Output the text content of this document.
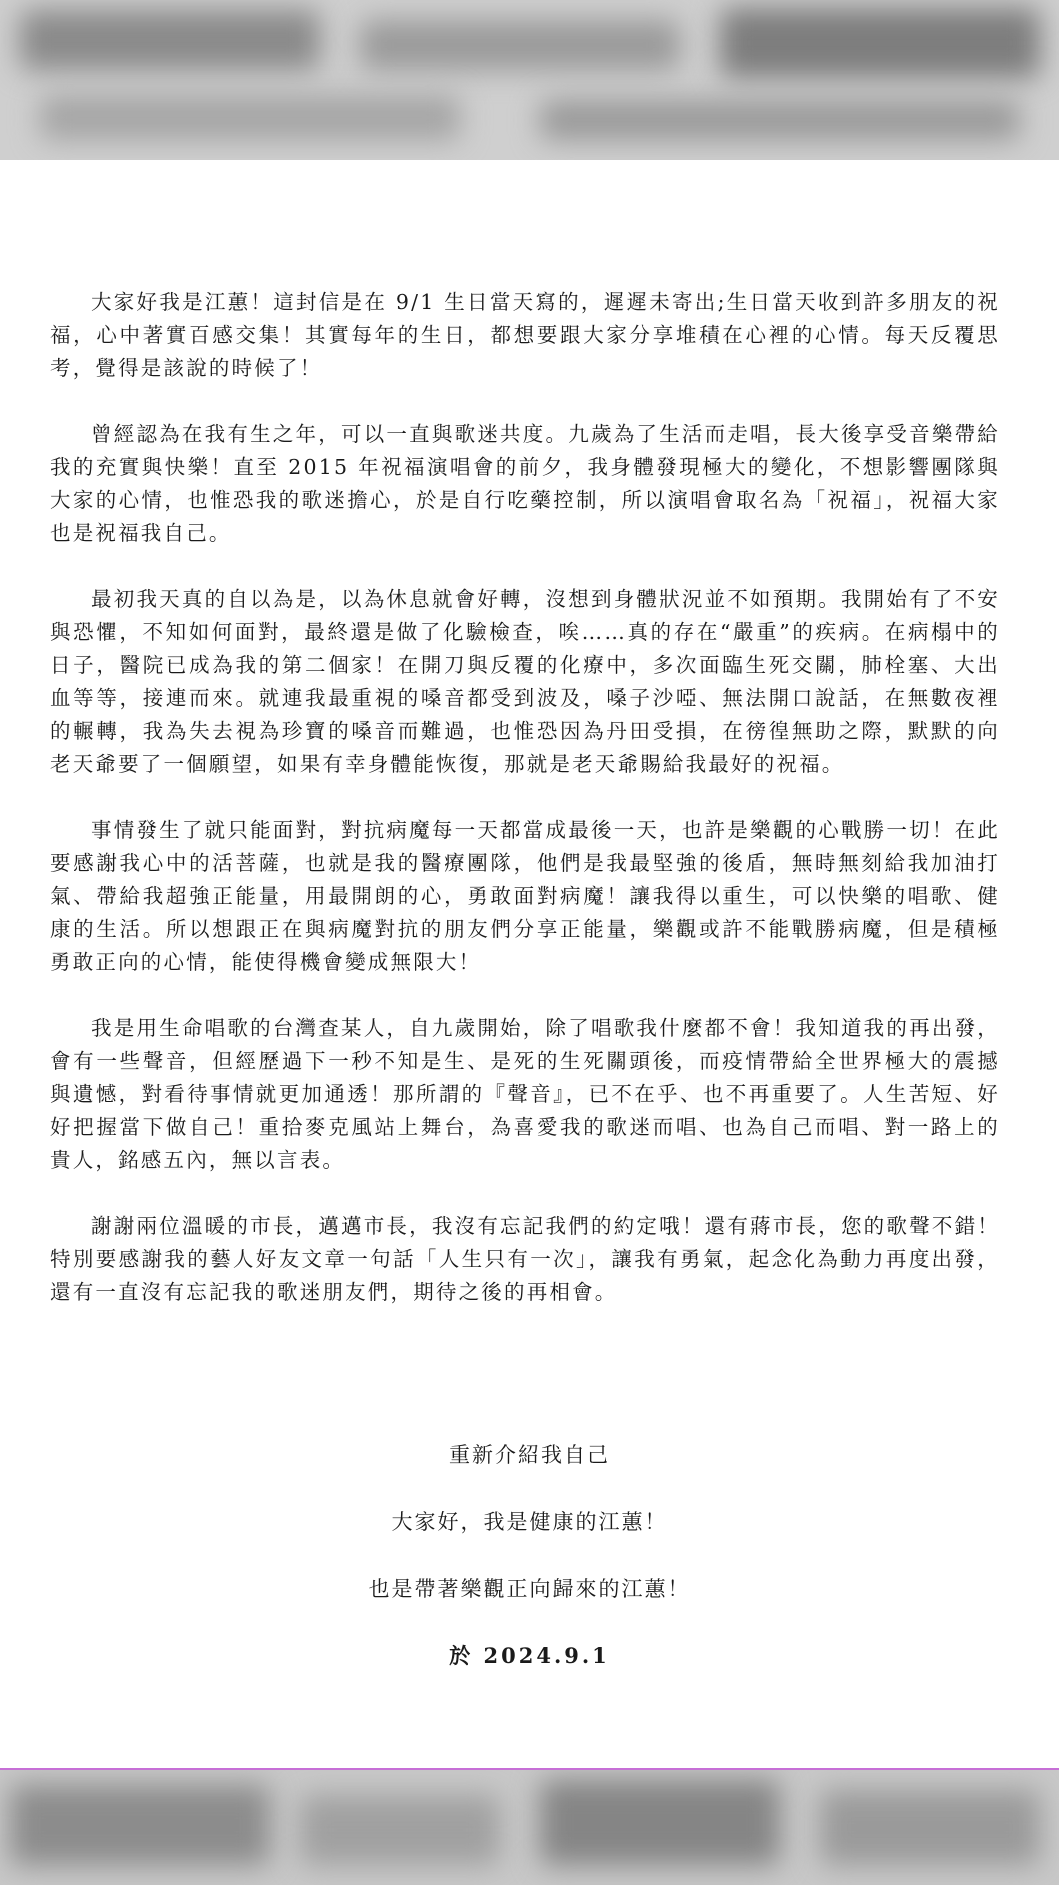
大家好我是江蕙！這封信是在 9/1 生日當天寫的，遲遲未寄出;生日當天收到許多朋友的祝福，心中著實百感交集！其實每年的生日，都想要跟大家分享堆積在心裡的心情。每天反覆思考，覺得是該說的時候了！

曾經認為在我有生之年，可以一直與歌迷共度。九歲為了生活而走唱，長大後享受音樂帶給我的充實與快樂！直至 2015 年祝福演唱會的前夕，我身體發現極大的變化，不想影響團隊與大家的心情，也惟恐我的歌迷擔心，於是自行吃藥控制，所以演唱會取名為「祝福」，祝福大家也是祝福我自己。

最初我天真的自以為是，以為休息就會好轉，沒想到身體狀況並不如預期。我開始有了不安與恐懼，不知如何面對，最終還是做了化驗檢查，唉……真的存在“嚴重”的疾病。在病榻中的日子，醫院已成為我的第二個家！在開刀與反覆的化療中，多次面臨生死交關，肺栓塞、大出血等等，接連而來。就連我最重視的嗓音都受到波及，嗓子沙啞、無法開口說話，在無數夜裡的輾轉，我為失去視為珍寶的嗓音而難過，也惟恐因為丹田受損，在徬徨無助之際，默默的向老天爺要了一個願望，如果有幸身體能恢復，那就是老天爺賜給我最好的祝福。

事情發生了就只能面對，對抗病魔每一天都當成最後一天，也許是樂觀的心戰勝一切！在此要感謝我心中的活菩薩，也就是我的醫療團隊，他們是我最堅強的後盾，無時無刻給我加油打氣、帶給我超強正能量，用最開朗的心，勇敢面對病魔！讓我得以重生，可以快樂的唱歌、健康的生活。所以想跟正在與病魔對抗的朋友們分享正能量，樂觀或許不能戰勝病魔，但是積極勇敢正向的心情，能使得機會變成無限大！

我是用生命唱歌的台灣查某人，自九歲開始，除了唱歌我什麼都不會！我知道我的再出發，會有一些聲音，但經歷過下一秒不知是生、是死的生死關頭後，而疫情帶給全世界極大的震撼與遺憾，對看待事情就更加通透！那所謂的『聲音』，已不在乎、也不再重要了。人生苦短、好好把握當下做自己！重拾麥克風站上舞台，為喜愛我的歌迷而唱、也為自己而唱、對一路上的貴人，銘感五內，無以言表。

謝謝兩位溫暖的市長，邁邁市長，我沒有忘記我們的約定哦！還有蔣市長，您的歌聲不錯！特別要感謝我的藝人好友文章一句話「人生只有一次」，讓我有勇氣，起念化為動力再度出發，還有一直沒有忘記我的歌迷朋友們，期待之後的再相會。

重新介紹我自己
大家好，我是健康的江蕙！
也是帶著樂觀正向歸來的江蕙！
於 2024.9.1
